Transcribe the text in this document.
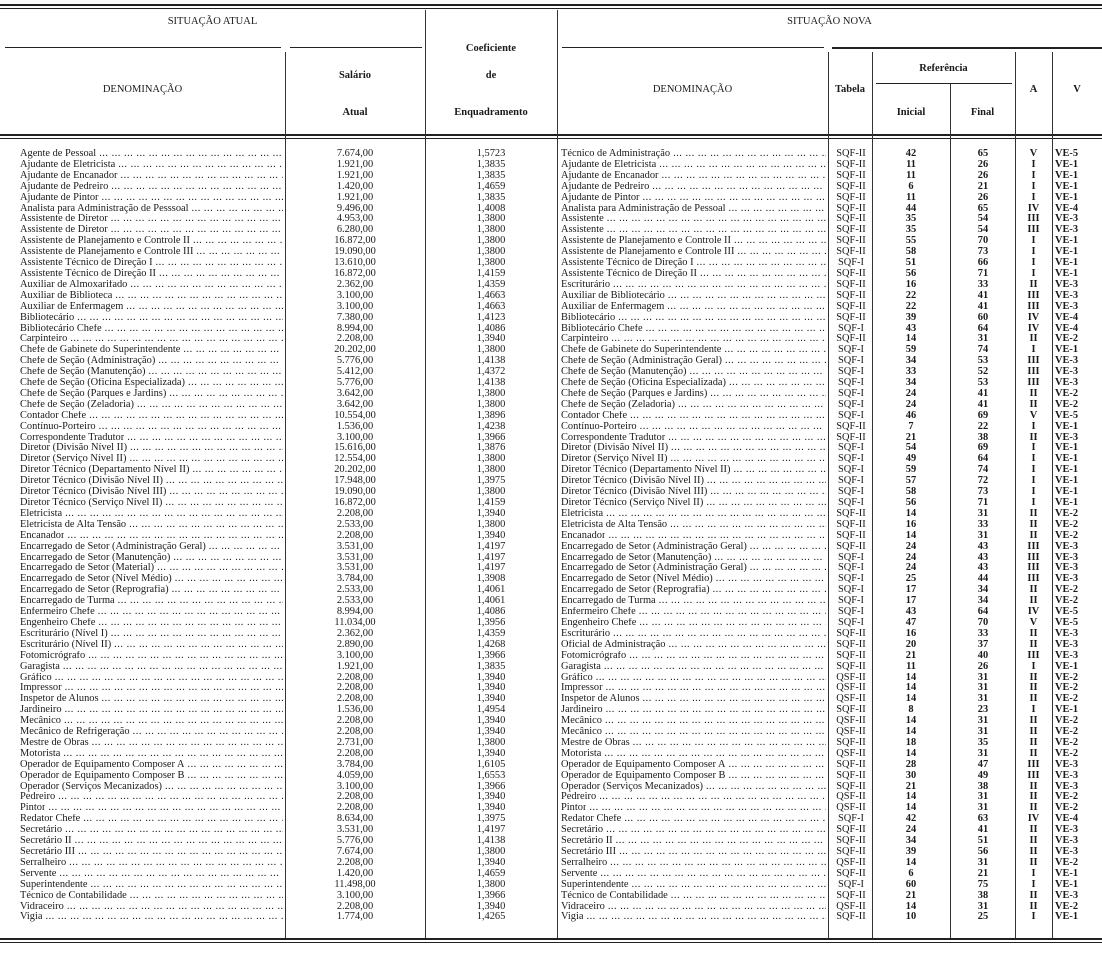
SITUAÇÃO ATUAL	SITUAÇÃO NOVA
DENOMINAÇÃO
Salário
Atual
Coeficiente
de
Enquadramento
DENOMINAÇÃO	Tabela
Referência
Inicial	Final
A	V
Agente de Pessoal ... .	7.674,00	1,5723	Técnico de Administração ... .	SQF-II	42	65	V	VE-5
Ajudante de Eletricista ... .	1.921,00	1,3835	Ajudante de Eletricista ... .	SQF-II	11	26	I	VE-1
Ajudante de Encanador ... .	1.921,00	1,3835	Ajudante de Encanador ... .	SQF-II	11	26	I	VE-1
Ajudante de Pedreiro ... .	1.420,00	1,4659	Ajudante de Pedreiro ... .	SQF-II	6	21	I	VE-1
Ajudante de Pintor ... .	1.921,00	1,3835	Ajudante de Pintor ... .	SQF-II	11	26	I	VE-1
Analista para Administração de Pesssoal ... .	9.496,00	1,4008	Analista para Administração de Pessoal ... .	SQF-II	44	65	IV	VE-4
Assistente de Diretor ... .	4.953,00	1,3800	Assistente ... .	SQF-II	35	54	III	VE-3
Assistente de Diretor ... .	6.280,00	1,3800	Assistente ... .	SQF-II	35	54	III	VE-3
Assistente de Planejamento e Controle II ... .	16.872,00	1,3800	Assistente de Planejamento e Controle II ... .	SQF-II	55	70	I	VE-1
Assistente de Planejamento e Controle III ... .	19.090,00	1,3800	Assistente de Planejamento e Controle III ... .	SQF-II	58	73	I	VE-1
Assistente Técnico de Direção I ... .	13.610,00	1,3800	Assistente Técnico de Direção I ... .	SQF-I	51	66	I	VE-1
Assistente Técnico de Direção II ... .	16.872,00	1,4159	Assistente Técnico de Direção II ... .	SQF-II	56	71	I	VE-1
Auxiliar de Almoxarifado ... .	2.362,00	1,4359	Escriturário ... .	SQF-II	16	33	II	VE-3
Auxiliar de Biblioteca ... .	3.100,00	1,4663	Auxiliar de Bibliotecário ... .	SQF-II	22	41	III	VE-3
Auxiliar de Enfermagem ... .	3.100,00	1,4663	Auxiliar de Enfermagem ... .	SQF-II	22	41	III	VE-3
Bibliotecário ... .	7.380,00	1,4123	Bibliotecário ... .	SQF-II	39	60	IV	VE-4
Bibliotecário Chefe ... .	8.994,00	1,4086	Bibliotecário Chefe ... .	SQF-I	43	64	IV	VE-4
Carpinteiro ... .	2.208,00	1,3940	Carpinteiro ... .	SQF-II	14	31	II	VE-2
Chefe de Gabinete do Superintendente ... .	20.202,00	1,3800	Chefe de Gabinete do Superintendente ... .	SQF-I	59	74	I	VE-1
Chefe de Seção (Administração) ... .	5.776,00	1,4138	Chefe de Seção (Administração Geral) ... .	SQF-I	34	53	III	VE-3
Chefe de Seção (Manutenção) ... .	5.412,00	1,4372	Chefe de Seção (Manutenção) ... .	SQF-I	33	52	III	VE-3
Chefe de Seção (Oficina Especializada) ... .	5.776,00	1,4138	Chefe de Seção (Oficina Especializada) ... .	SQF-I	34	53	III	VE-3
Chefe de Seção (Parques e Jardins) ... .	3.642,00	1,3800	Chefe de Seção (Parques e Jardins) ... .	SQF-I	24	41	II	VE-2
Chefe de Seção (Zeladoria) ... .	3.642,00	1,3800	Chefe de Seção (Zeladoria) ... .	SQF-I	24	41	II	VE-2
Contador Chefe ... .	10.554,00	1,3896	Contador Chefe ... .	SQF-I	46	69	V	VE-5
Contínuo-Porteiro ... .	1.536,00	1,4238	Contínuo-Porteiro ... .	SQF-II	7	22	I	VE-1
Correspondente Tradutor ... .	3.100,00	1,3966	Correspondente Tradutor ... .	SQF-II	21	38	II	VE-3
Diretor (Divisão Nível II) ... .	15.616,00	1,3876	Diretor (Divisão Nível II) ... .	SQF-I	54	69	I	VE-1
Diretor (Serviço Nível II) ... .	12.554,00	1,3800	Diretor (Serviço Nível II) ... .	SQF-I	49	64	I	VE-1
Diretor Técnico (Departamento Nível II) ... .	20.202,00	1,3800	Diretor Técnico (Departamento Nível II) ... .	SQF-I	59	74	I	VE-1
Diretor Técnico (Divisão Nível II) ... .	17.948,00	1,3975	Diretor Técnico (Divisão Nível II) ... .	SQF-I	57	72	I	VE-1
Diretor Técnico (Divisão Nível III) ... .	19.090,00	1,3800	Diretor Técnico (Divisão Nível III) ... .	SQF-I	58	73	I	VE-1
Diretor Técnico (Serviço Nível II) ... .	16.872,00	1,4159	Diretor Técnico (Serviço Nível II) ... .	SQF-I	56	71	I	VE-1
Eletricista ... .	2.208,00	1,3940	Eletricista ... .	SQF-II	14	31	II	VE-2
Eletricista de Alta Tensão ... .	2.533,00	1,3800	Eletricista de Alta Tensão ... .	SQF-II	16	33	II	VE-2
Encanador ... .	2.208,00	1,3940	Encanador ... .	SQF-II	14	31	II	VE-2
Encarregado de Setor (Administração Geral) ... .	3.531,00	1,4197	Encarregado de Setor (Administração Geral) ... .	SQF-II	24	43	III	VE-3
Encarregado de Setor (Manutenção) ... .	3.531,00	1,4197	Encarregado de Setor (Manutenção) ... .	SQF-I	24	43	III	VE-3
Encarregado de Setor (Material) ... .	3.531,00	1,4197	Encarregado de Setor (Administração Geral) ... .	SQF-I	24	43	III	VE-3
Encarregado de Setor (Nível Médio) ... .	3.784,00	1,3908	Encarregado de Setor (Nível Médio) ... .	SQF-I	25	44	III	VE-3
Encarregado de Setor (Reprografia) ... .	2.533,00	1,4061	Encarregado de Setor (Reprografia) ... .	SQF-I	17	34	II	VE-2
Encarregado de Turma ... .	2.533,00	1,4061	Encarregado de Turma ... .	SQF-I	17	34	II	VE-2
Enfermeiro Chefe ... .	8.994,00	1,4086	Enfermeiro Chefe ... .	SQF-I	43	64	IV	VE-5
Engenheiro Chefe ... .	11.034,00	1,3956	Engenheiro Chefe ... .	SQF-I	47	70	V	VE-5
Escriturário (Nível I) ... .	2.362,00	1,4359	Escriturário ... .	SQF-II	16	33	II	VE-3
Escriturário (Nível II) ... .	2.890,00	1,4268	Oficial de Administração ... .	SQF-II	20	37	II	VE-3
Fotomicrógrafo ... .	3.100,00	1,3966	Fotomicrógrafo ... .	SQF-II	21	40	III	VE-3
Garagista ... .	1.921,00	1,3835	Garagista ... .	SQF-II	11	26	I	VE-1
Gráfico ... .	2.208,00	1,3940	Gráfico ... .	QSF-II	14	31	II	VE-2
Impressor ... .	2.208,00	1,3940	Impressor ... .	QSF-II	14	31	II	VE-2
Inspetor de Alunos ... .	2.208,00	1,3940	Inspetor de Alunos ... .	QSF-II	14	31	II	VE-2
Jardineiro ... .	1.536,00	1,4954	Jardineiro ... .	SQF-II	8	23	I	VE-1
Mecânico ... .	2.208,00	1,3940	Mecânico ... .	QSF-II	14	31	II	VE-2
Mecânico de Refrigeração ... .	2.208,00	1,3940	Mecânico ... .	QSF-II	14	31	II	VE-2
Mestre de Obras ... .	2.731,00	1,3800	Mestre de Obras ... .	SQF-II	18	35	II	VE-2
Motorista ... .	2.208,00	1,3940	Motorista ... .	QSF-II	14	31	II	VE-2
Operador de Equipamento Composer A ... .	3.784,00	1,6105	Operador de Equipamento Composer A ... .	SQF-II	28	47	III	VE-3
Operador de Equipamento Composer B ... .	4.059,00	1,6553	Operador de Equipamento Composer B ... .	SQF-II	30	49	III	VE-3
Operador (Serviços Mecanizados) ... .	3.100,00	1,3966	Operador (Serviços Mecanizados) ... .	SQF-II	21	38	II	VE-3
Pedreiro ... .	2.208,00	1,3940	Pedreiro ... .	QSF-II	14	31	II	VE-2
Pintor ... .	2.208,00	1,3940	Pintor ... .	QSF-II	14	31	II	VE-2
Redator Chefe ... .	8.634,00	1,3975	Redator Chefe ... .	SQF-I	42	63	IV	VE-4
Secretário ... .	3.531,00	1,4197	Secretário ... .	SQF-II	24	41	II	VE-3
Secretário II ... .	5.776,00	1,4138	Secretário II ... .	SQF-II	34	51	II	VE-3
Secretário III ... .	7.674,00	1,3800	Secretário III ... .	SQF-II	39	56	II	VE-3
Serralheiro ... .	2.208,00	1,3940	Serralheiro ... .	QSF-II	14	31	II	VE-2
Servente ... .	1.420,00	1,4659	Servente ... .	SQF-II	6	21	I	VE-1
Superintendente ... .	11.498,00	1,3800	Superintendente ... .	SQF-I	60	75	I	VE-1
Técnico de Contabilidade ... .	3.100,00	1,3966	Técnico de Contabilidade ... .	SQF-II	21	38	II	VE-3
Vidraceiro ... .	2.208,00	1,3940	Vidraceiro ... .	QSF-II	14	31	II	VE-2
Vigia ... .	1.774,00	1,4265	Vigia ... .	SQF-II	10	25	I	VE-1
